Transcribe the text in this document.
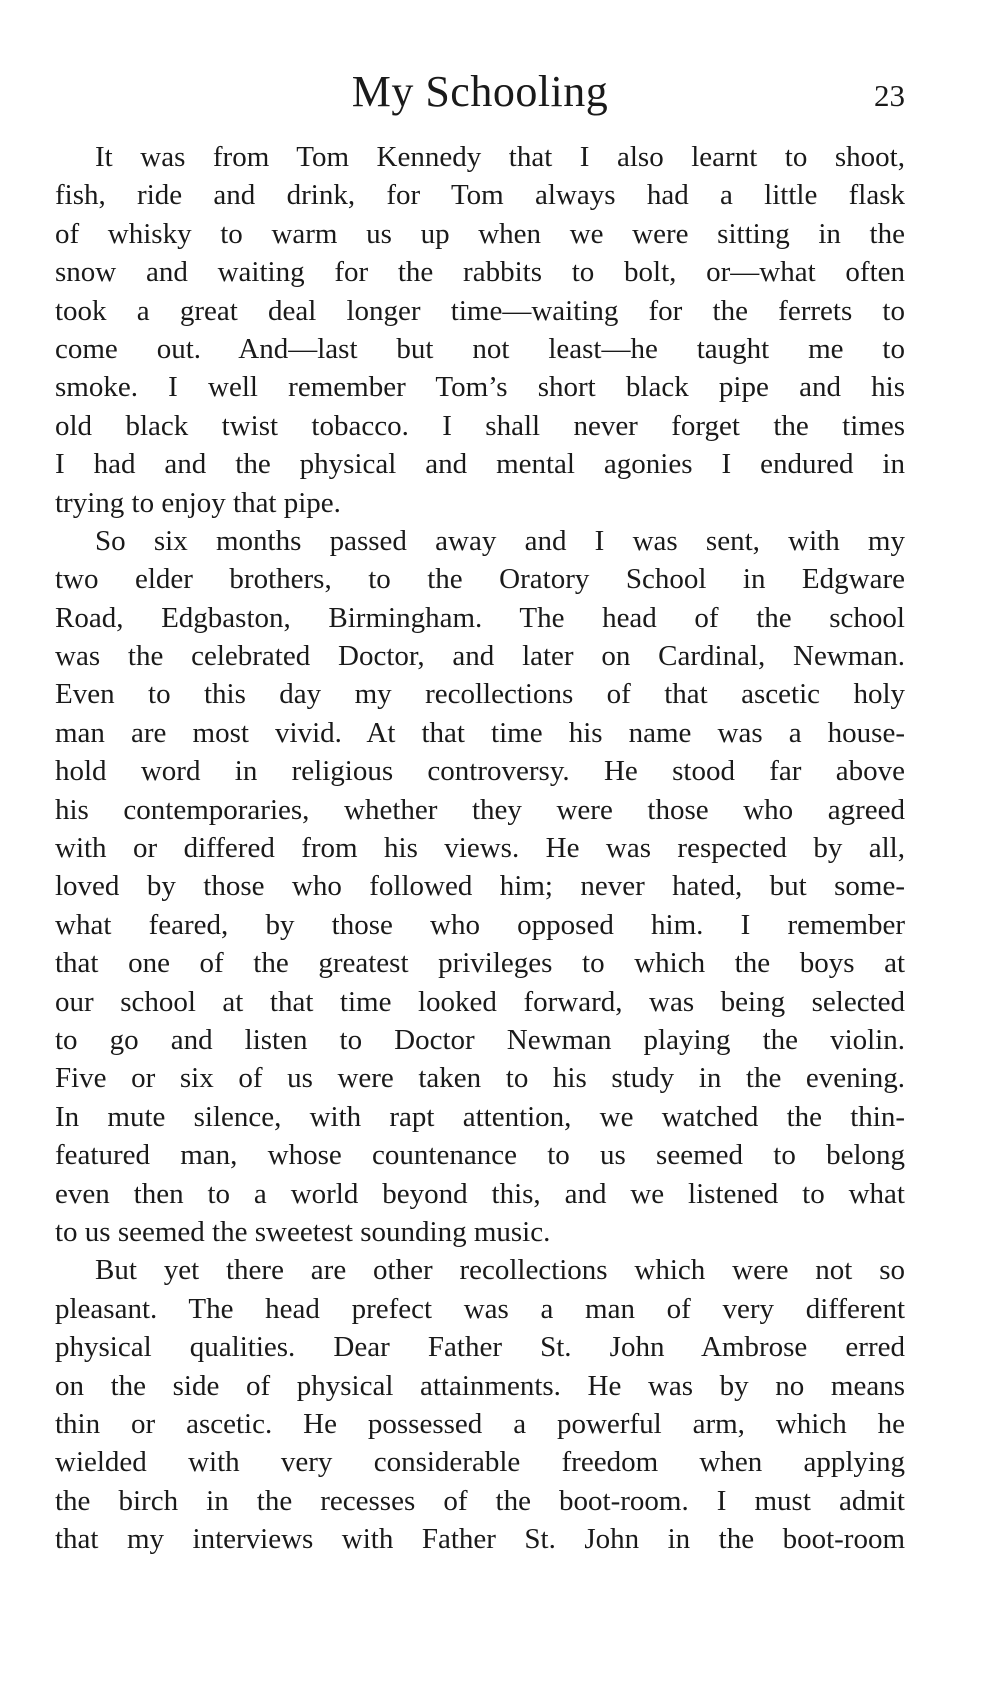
My Schooling	23
It was from Tom Kennedy that I also learnt to shoot,
fish, ride and drink, for Tom always had a little flask
of whisky to warm us up when we were sitting in the
snow and waiting for the rabbits to bolt, or—what often
took a great deal longer time—waiting for the ferrets to
come out. And—last but not least—he taught me to
smoke. I well remember Tom’s short black pipe and his
old black twist tobacco. I shall never forget the times
I had and the physical and mental agonies I endured in
trying to enjoy that pipe.
So six months passed away and I was sent, with my
two elder brothers, to the Oratory School in Edgware
Road, Edgbaston, Birmingham. The head of the school
was the celebrated Doctor, and later on Cardinal, Newman.
Even to this day my recollections of that ascetic holy
man are most vivid. At that time his name was a house-
hold word in religious controversy. He stood far above
his contemporaries, whether they were those who agreed
with or differed from his views. He was respected by all,
loved by those who followed him; never hated, but some-
what feared, by those who opposed him. I remember
that one of the greatest privileges to which the boys at
our school at that time looked forward, was being selected
to go and listen to Doctor Newman playing the violin.
Five or six of us were taken to his study in the evening.
In mute silence, with rapt attention, we watched the thin-
featured man, whose countenance to us seemed to belong
even then to a world beyond this, and we listened to what
to us seemed the sweetest sounding music.
But yet there are other recollections which were not so
pleasant. The head prefect was a man of very different
physical qualities. Dear Father St. John Ambrose erred
on the side of physical attainments. He was by no means
thin or ascetic. He possessed a powerful arm, which he
wielded with very considerable freedom when applying
the birch in the recesses of the boot-room. I must admit
that my interviews with Father St. John in the boot-room
